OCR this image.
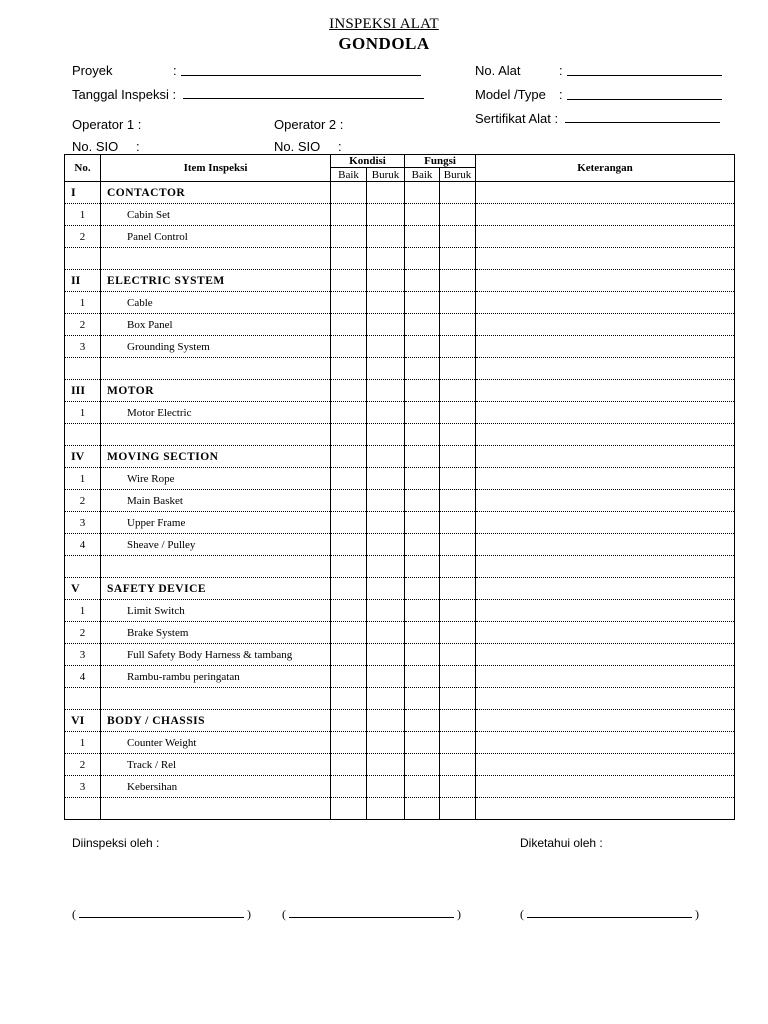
INSPEKSI ALAT
GONDOLA
Proyek	:
Tanggal Inspeksi :
Operator 1 :	Operator 2 :
No. SIO :	No. SIO :
No. Alat	:
Model /Type :
Sertifikat Alat :
No.	Item Inspeksi	Kondisi		Fungsi		Keterangan
		Baik	Buruk	Baik	Buruk	
I	CONTACTOR					
1	Cabin Set					
2	Panel Control					

II	ELECTRIC SYSTEM					
1	Cable					
2	Box Panel					
3	Grounding System					

III	MOTOR					
1	Motor Electric					

IV	MOVING SECTION					
1	Wire Rope					
2	Main Basket					
3	Upper Frame					
4	Sheave / Pulley					

V	SAFETY DEVICE					
1	Limit Switch					
2	Brake System					
3	Full Safety Body Harness & tambang					
4	Rambu-rambu peringatan					

VI	BODY / CHASSIS					
1	Counter Weight					
2	Track / Rel					
3	Kebersihan					

Diinspeksi oleh :	Diketahui oleh :
(	)	(	)	(	)
